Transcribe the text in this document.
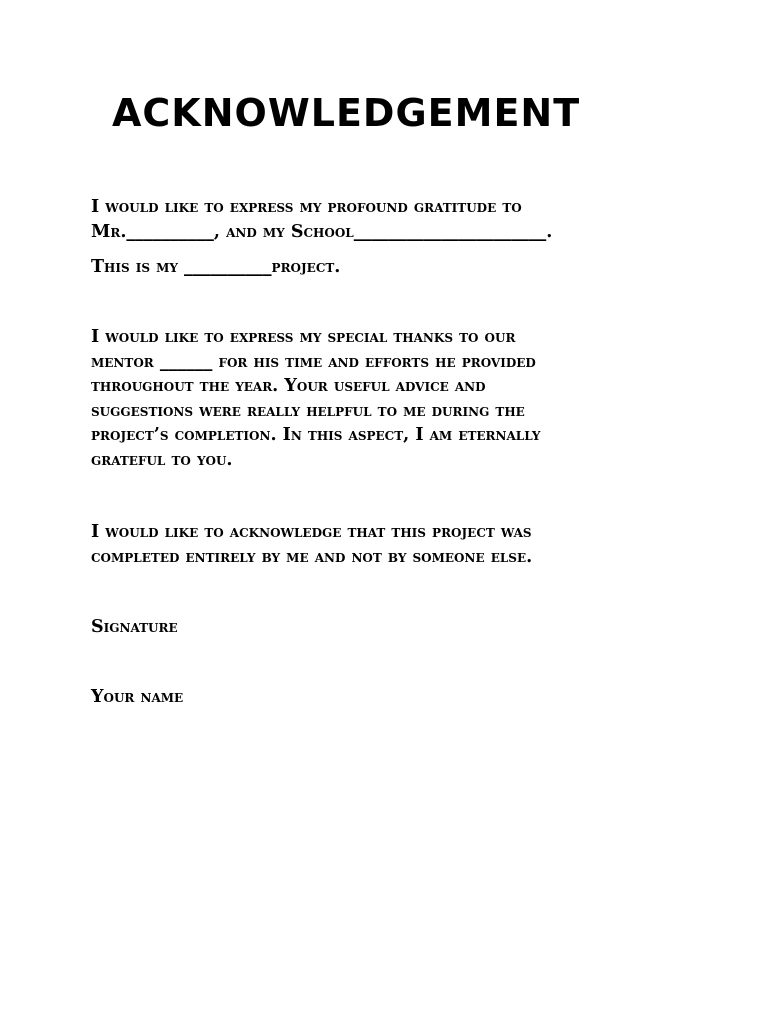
ACKNOWLEDGEMENT

I would like to express my profound gratitude to
Mr.__________, and my School______________________.

This is my __________project.

I would like to express my special thanks to our
mentor ______ for his time and efforts he provided
throughout the year. Your useful advice and
suggestions were really helpful to me during the
project’s completion. In this aspect, I am eternally
grateful to you.

I would like to acknowledge that this project was
completed entirely by me and not by someone else.

Signature

Your name
